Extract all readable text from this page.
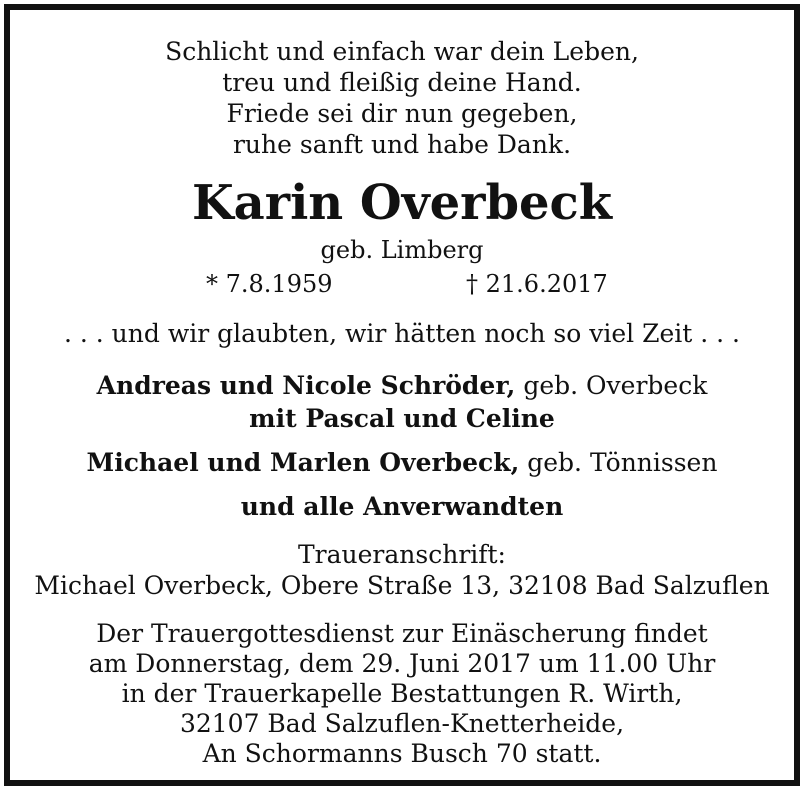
Schlicht und einfach war dein Leben,
treu und fleißig deine Hand.
Friede sei dir nun gegeben,
ruhe sanft und habe Dank.
Karin Overbeck
geb. Limberg
* 7.8.1959	† 21.6.2017
. . . und wir glaubten, wir hätten noch so viel Zeit . . .
Andreas und Nicole Schröder, geb. Overbeck
mit Pascal und Celine
Michael und Marlen Overbeck, geb. Tönnissen
und alle Anverwandten
Traueranschrift:
Michael Overbeck, Obere Straße 13, 32108 Bad Salzuflen
Der Trauergottesdienst zur Einäscherung findet
am Donnerstag, dem 29. Juni 2017 um 11.00 Uhr
in der Trauerkapelle Bestattungen R. Wirth,
32107 Bad Salzuflen-Knetterheide,
An Schormanns Busch 70 statt.
